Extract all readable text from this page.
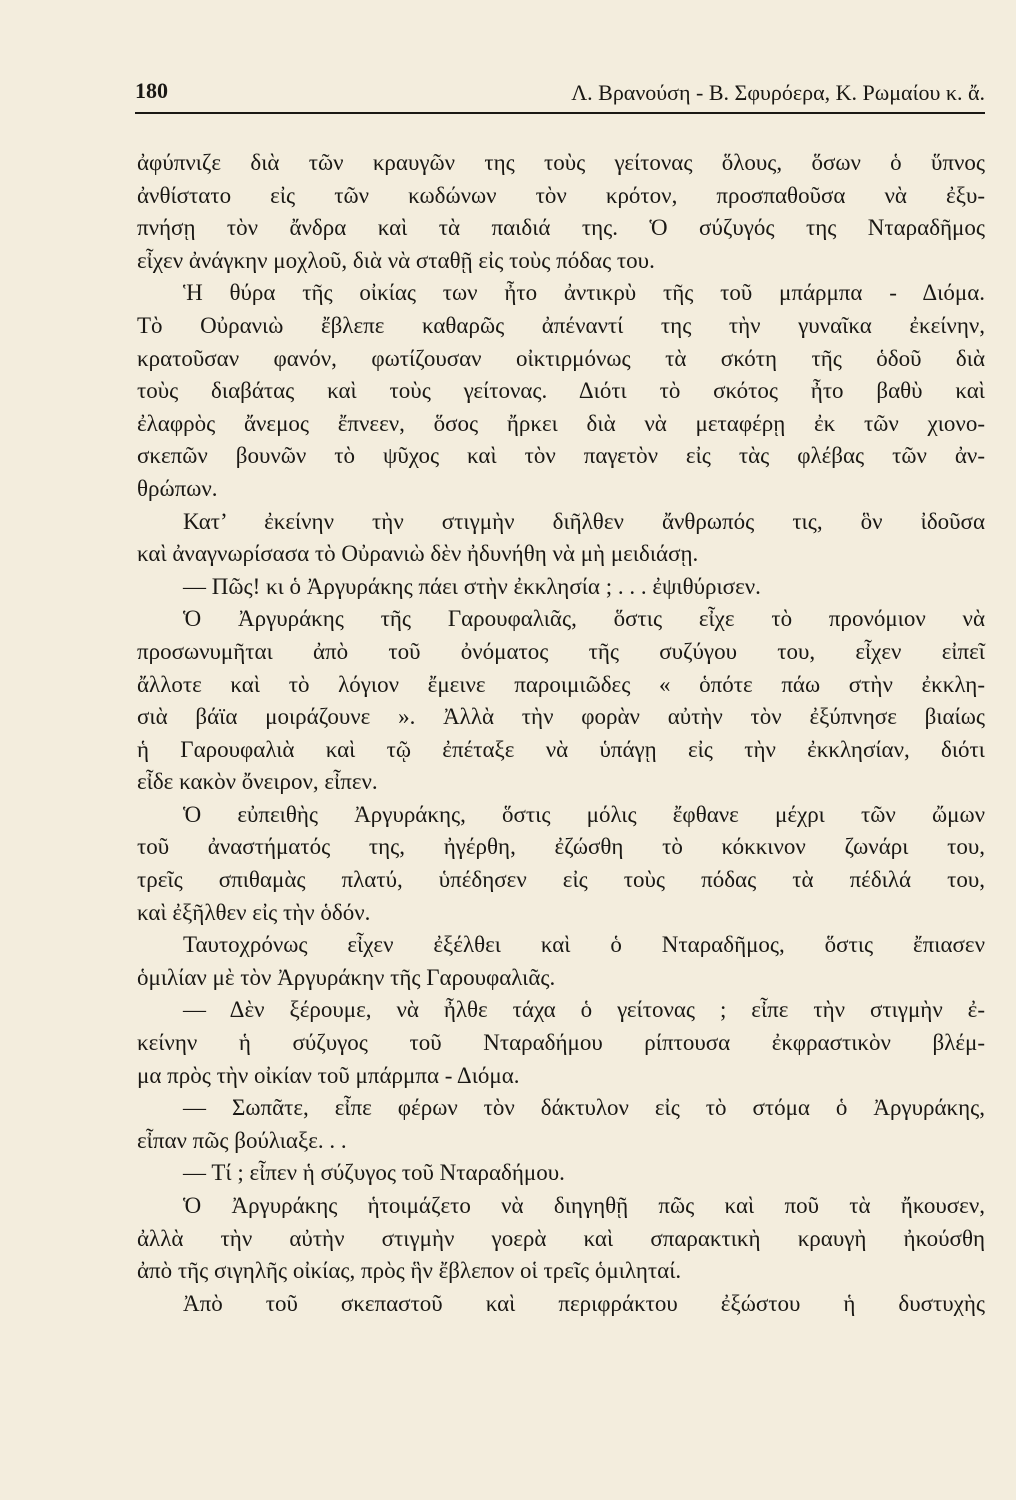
180	Λ. Βρανούση - Β. Σφυρόερα, Κ. Ρωμαίου κ. ἄ.
ἀφύπνιζε διὰ τῶν κραυγῶν της τοὺς γείτονας ὅλους, ὅσων ὁ ὕπνος
ἀνθίστατο εἰς τῶν κωδώνων τὸν κρότον, προσπαθοῦσα νὰ ἐξυ-
πνήσῃ τὸν ἄνδρα καὶ τὰ παιδιά της. Ὁ σύζυγός της Νταραδῆμος
εἶχεν ἀνάγκην μοχλοῦ, διὰ νὰ σταθῇ εἰς τοὺς πόδας του.
Ἡ θύρα τῆς οἰκίας των ἦτο ἀντικρὺ τῆς τοῦ μπάρμπα - Διόμα.
Τὸ Οὐρανιὼ ἔβλεπε καθαρῶς ἀπέναντί της τὴν γυναῖκα ἐκείνην,
κρατοῦσαν φανόν, φωτίζουσαν οἰκτιρμόνως τὰ σκότη τῆς ὁδοῦ διὰ
τοὺς διαβάτας καὶ τοὺς γείτονας. Διότι τὸ σκότος ἦτο βαθὺ καὶ
ἐλαφρὸς ἄνεμος ἔπνεεν, ὅσος ἤρκει διὰ νὰ μεταφέρῃ ἐκ τῶν χιονο-
σκεπῶν βουνῶν τὸ ψῦχος καὶ τὸν παγετὸν εἰς τὰς φλέβας τῶν ἀν-
θρώπων.
Κατ’ ἐκείνην τὴν στιγμὴν διῆλθεν ἄνθρωπός τις, ὃν ἰδοῦσα
καὶ ἀναγνωρίσασα τὸ Οὐρανιὼ δὲν ἠδυνήθη νὰ μὴ μειδιάσῃ.
— Πῶς! κι ὁ Ἀργυράκης πάει στὴν ἐκκλησία ; . . . ἐψιθύρισεν.
Ὁ Ἀργυράκης τῆς Γαρουφαλιᾶς, ὅστις εἶχε τὸ προνόμιον νὰ
προσωνυμῆται ἀπὸ τοῦ ὀνόματος τῆς συζύγου του, εἶχεν εἰπεῖ
ἄλλοτε καὶ τὸ λόγιον ἔμεινε παροιμιῶδες « ὁπότε πάω στὴν ἐκκλη-
σιὰ βάϊα μοιράζουνε ». Ἀλλὰ τὴν φορὰν αὐτὴν τὸν ἐξύπνησε βιαίως
ἡ Γαρουφαλιὰ καὶ τῷ ἐπέταξε νὰ ὑπάγῃ εἰς τὴν ἐκκλησίαν, διότι
εἶδε κακὸν ὄνειρον, εἶπεν.
Ὁ εὐπειθὴς Ἀργυράκης, ὅστις μόλις ἔφθανε μέχρι τῶν ὤμων
τοῦ ἀναστήματός της, ἠγέρθη, ἐζώσθη τὸ κόκκινον ζωνάρι του,
τρεῖς σπιθαμὰς πλατύ, ὑπέδησεν εἰς τοὺς πόδας τὰ πέδιλά του,
καὶ ἐξῆλθεν εἰς τὴν ὁδόν.
Ταυτοχρόνως εἶχεν ἐξέλθει καὶ ὁ Νταραδῆμος, ὅστις ἔπιασεν
ὁμιλίαν μὲ τὸν Ἀργυράκην τῆς Γαρουφαλιᾶς.
— Δὲν ξέρουμε, νὰ ἦλθε τάχα ὁ γείτονας ; εἶπε τὴν στιγμὴν ἐ-
κείνην ἡ σύζυγος τοῦ Νταραδήμου ρίπτουσα ἐκφραστικὸν βλέμ-
μα πρὸς τὴν οἰκίαν τοῦ μπάρμπα - Διόμα.
— Σωπᾶτε, εἶπε φέρων τὸν δάκτυλον εἰς τὸ στόμα ὁ Ἀργυράκης,
εἶπαν πῶς βούλιαξε. . .
— Τί ; εἶπεν ἡ σύζυγος τοῦ Νταραδήμου.
Ὁ Ἀργυράκης ἡτοιμάζετο νὰ διηγηθῇ πῶς καὶ ποῦ τὰ ἤκουσεν,
ἀλλὰ τὴν αὐτὴν στιγμὴν γοερὰ καὶ σπαρακτικὴ κραυγὴ ἠκούσθη
ἀπὸ τῆς σιγηλῆς οἰκίας, πρὸς ἣν ἔβλεπον οἱ τρεῖς ὁμιληταί.
Ἀπὸ τοῦ σκεπαστοῦ καὶ περιφράκτου ἐξώστου ἡ δυστυχὴς
